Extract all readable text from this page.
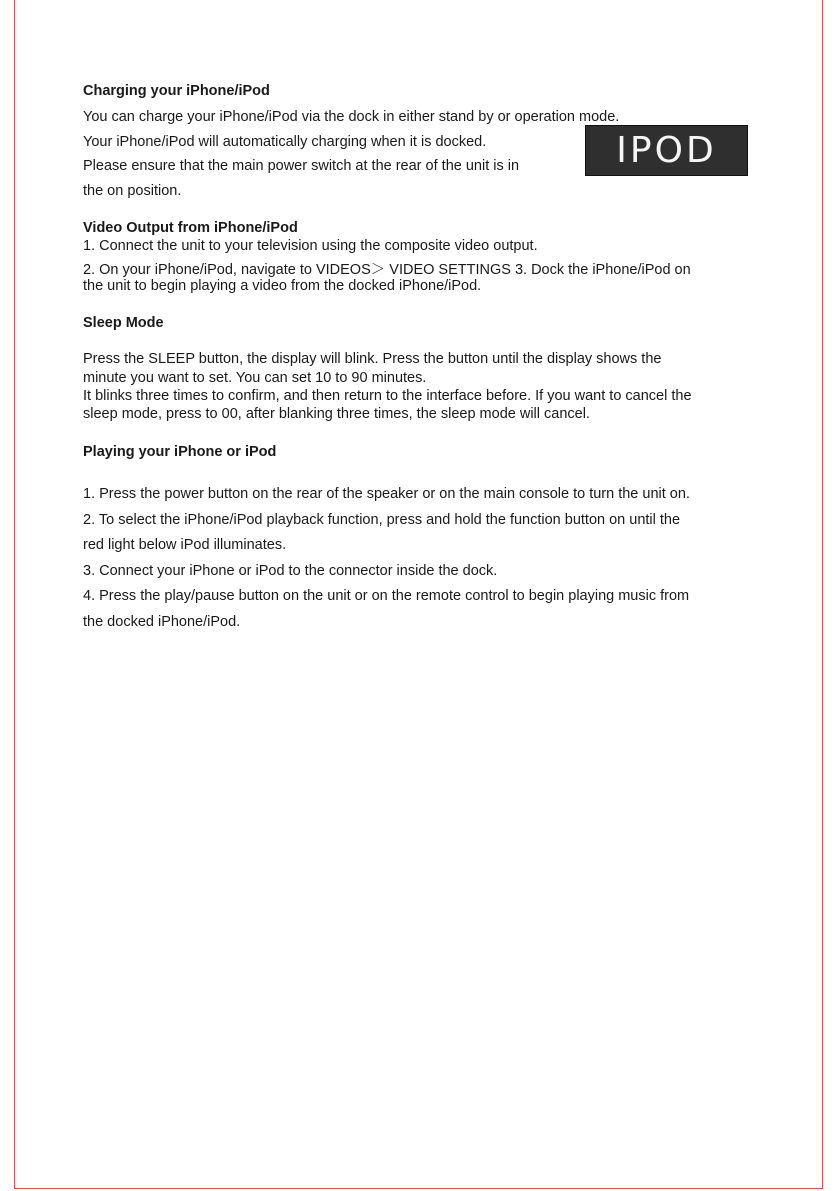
Charging your iPhone/iPod
You can charge your iPhone/iPod via the dock in either stand by or operation mode.
Your iPhone/iPod will automatically charging when it is docked.
Please ensure that the main power switch at the rear of the unit is in
the on position.
Video Output from iPhone/iPod
1. Connect the unit to your television using the composite video output.
2. On your iPhone/iPod, navigate to VIDEOS＞ VIDEO SETTINGS 3. Dock the iPhone/iPod on
the unit to begin playing a video from the docked iPhone/iPod.
Sleep Mode
Press the SLEEP button, the display will blink. Press the button until the display shows the
minute you want to set. You can set 10 to 90 minutes.
It blinks three times to confirm, and then return to the interface before. If you want to cancel the
sleep mode, press to 00, after blanking three times, the sleep mode will cancel.
Playing your iPhone or iPod
1. Press the power button on the rear of the speaker or on the main console to turn the unit on.
2. To select the iPhone/iPod playback function, press and hold the function button on until the
red light below iPod illuminates.
3. Connect your iPhone or iPod to the connector inside the dock.
4. Press the play/pause button on the unit or on the remote control to begin playing music from
the docked iPhone/iPod.
IPOD
